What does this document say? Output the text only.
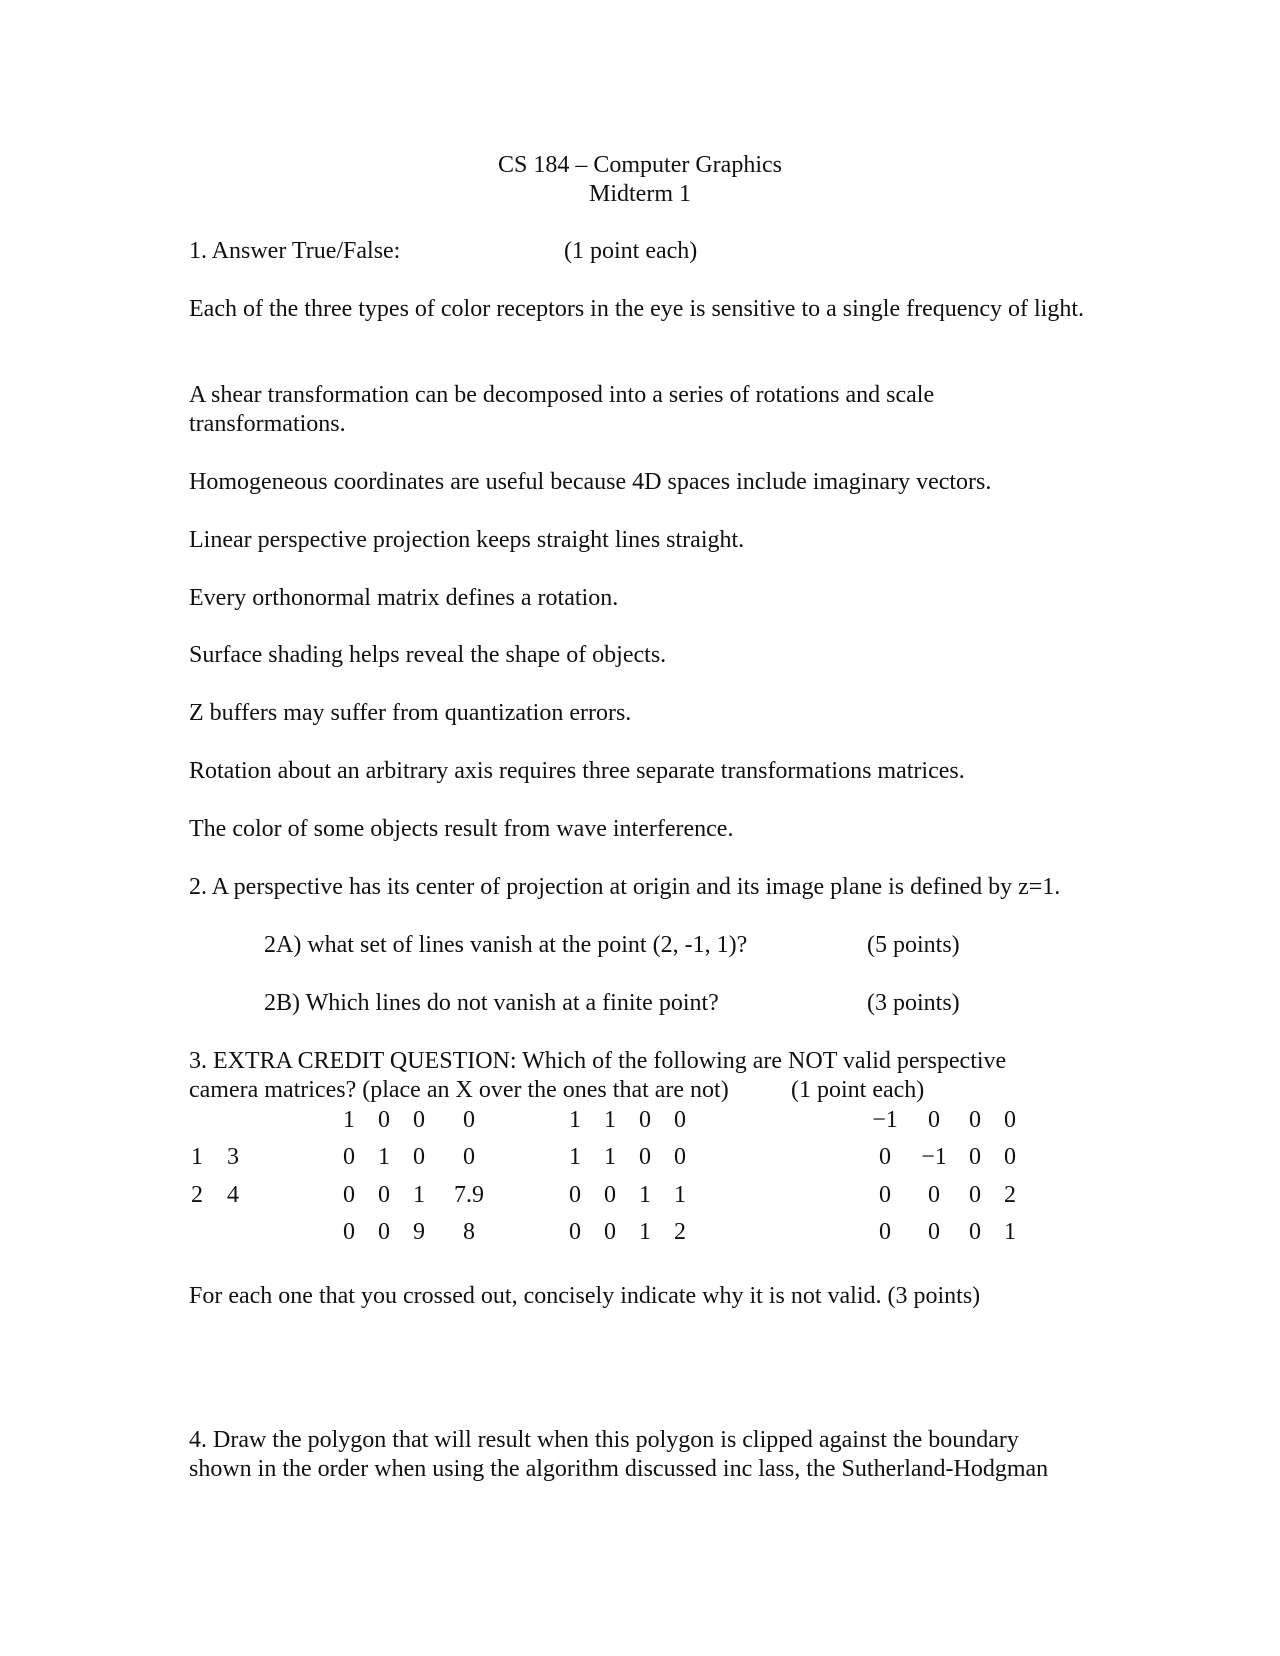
CS 184 – Computer Graphics
Midterm 1
1. Answer True/False:	(1 point each)
Each of the three types of color receptors in the eye is sensitive to a single frequency of light.
A shear transformation can be decomposed into a series of rotations and scale transformations.
Homogeneous coordinates are useful because 4D spaces include imaginary vectors.
Linear perspective projection keeps straight lines straight.
Every orthonormal matrix defines a rotation.
Surface shading helps reveal the shape of objects.
Z buffers may suffer from quantization errors.
Rotation about an arbitrary axis requires three separate transformations matrices.
The color of some objects result from wave interference.
2. A perspective has its center of projection at origin and its image plane is defined by z=1.
2A) what set of lines vanish at the point (2, -1, 1)?	(5 points)
2B) Which lines do not vanish at a finite point?	(3 points)
3. EXTRA CREDIT QUESTION: Which of the following are NOT valid perspective
camera matrices? (place an X over the ones that are not)	(1 point each)
1	3
2	4
1 0 0	0
0 1 0	0
0 0 1	7.9
0 0 9	8
1 1 0 0
1 1 0 0
0 0 1 1
0 0 1 2
−1	0	0 0
0	−1 0 0
0	0	0 2
0	0	0 1
For each one that you crossed out, concisely indicate why it is not valid. (3 points)
4. Draw the polygon that will result when this polygon is clipped against the boundary
shown in the order when using the algorithm discussed inc lass, the Sutherland-Hodgman
